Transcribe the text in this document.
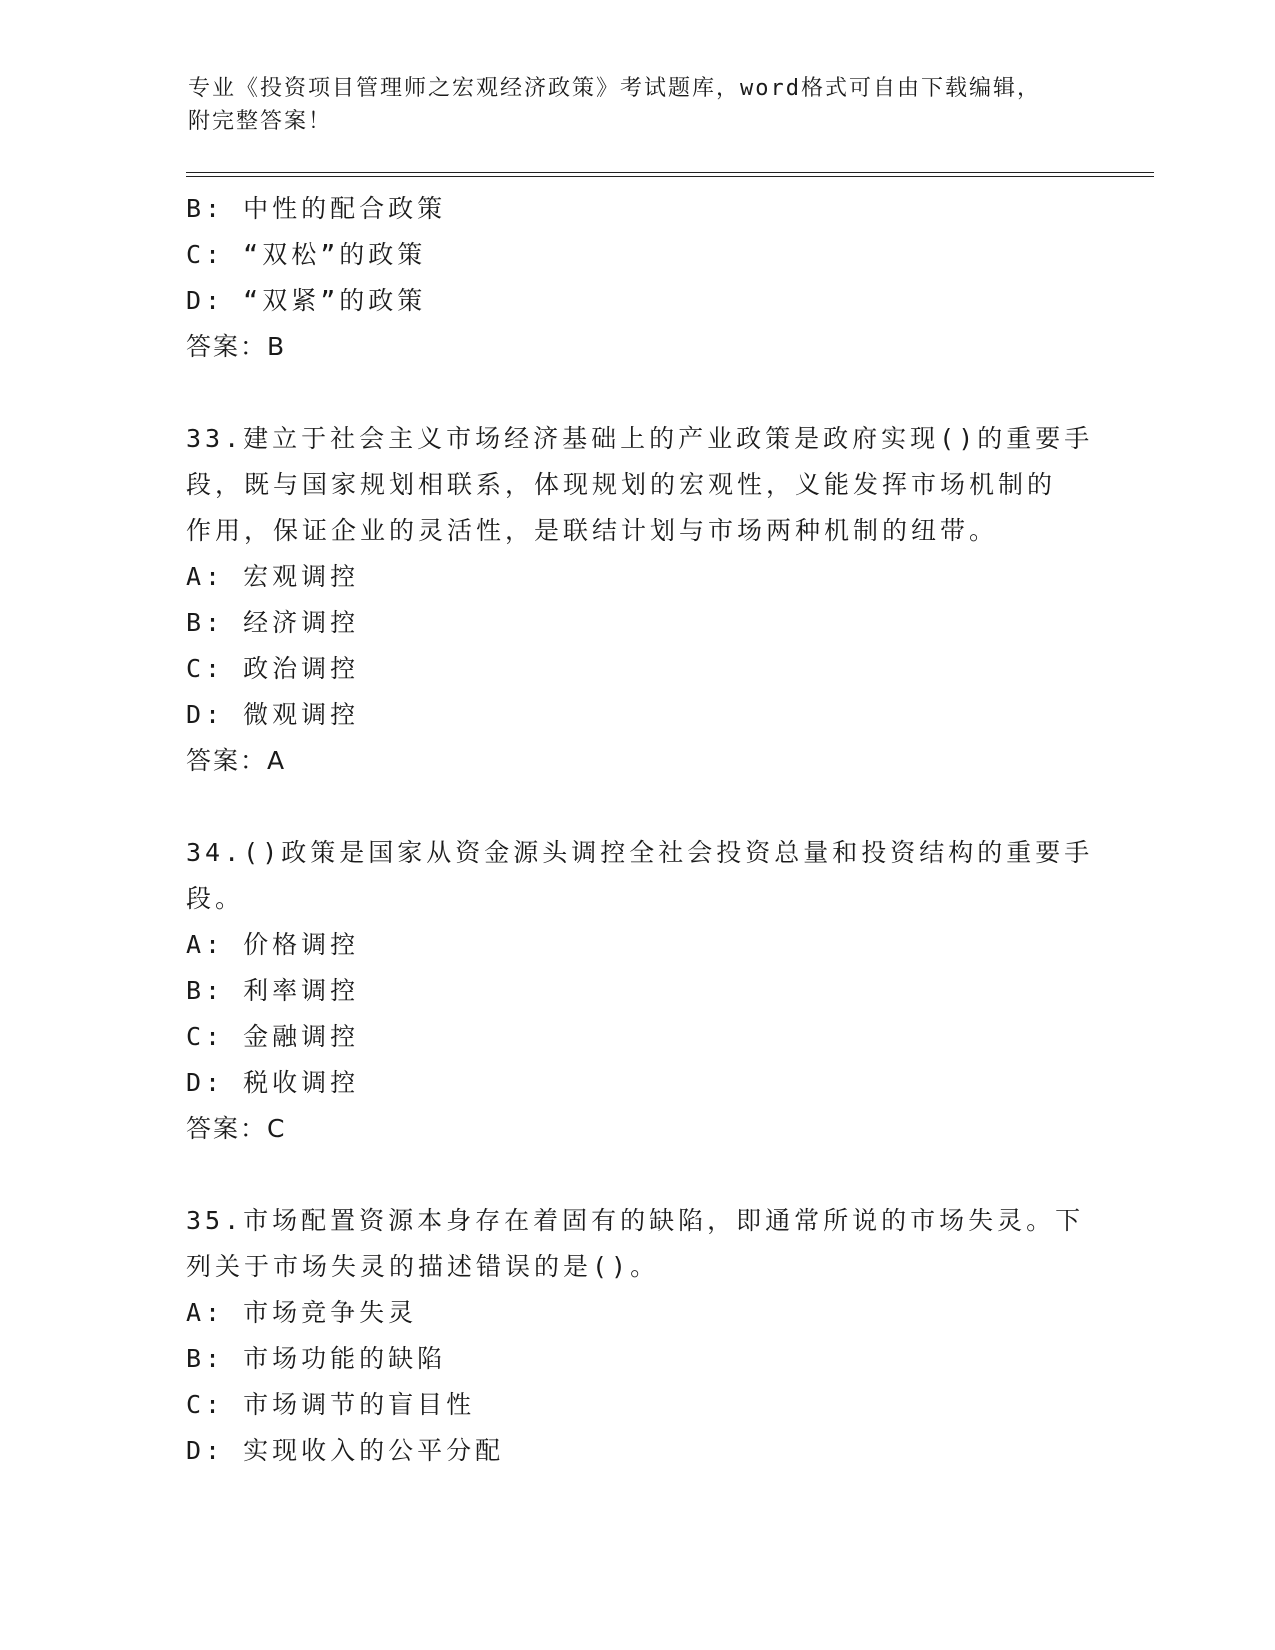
专业《投资项目管理师之宏观经济政策》考试题库，word格式可自由下载编辑，
附完整答案！
B: 中性的配合政策
C: “双松”的政策
D: “双紧”的政策
答案：B
33.建立于社会主义市场经济基础上的产业政策是政府实现()的重要手
段，既与国家规划相联系，体现规划的宏观性，义能发挥市场机制的
作用，保证企业的灵活性，是联结计划与市场两种机制的纽带。
A: 宏观调控
B: 经济调控
C: 政治调控
D: 微观调控
答案：A
34.()政策是国家从资金源头调控全社会投资总量和投资结构的重要手
段。
A: 价格调控
B: 利率调控
C: 金融调控
D: 税收调控
答案：C
35.市场配置资源本身存在着固有的缺陷，即通常所说的市场失灵。下
列关于市场失灵的描述错误的是()。
A: 市场竞争失灵
B: 市场功能的缺陷
C: 市场调节的盲目性
D: 实现收入的公平分配
